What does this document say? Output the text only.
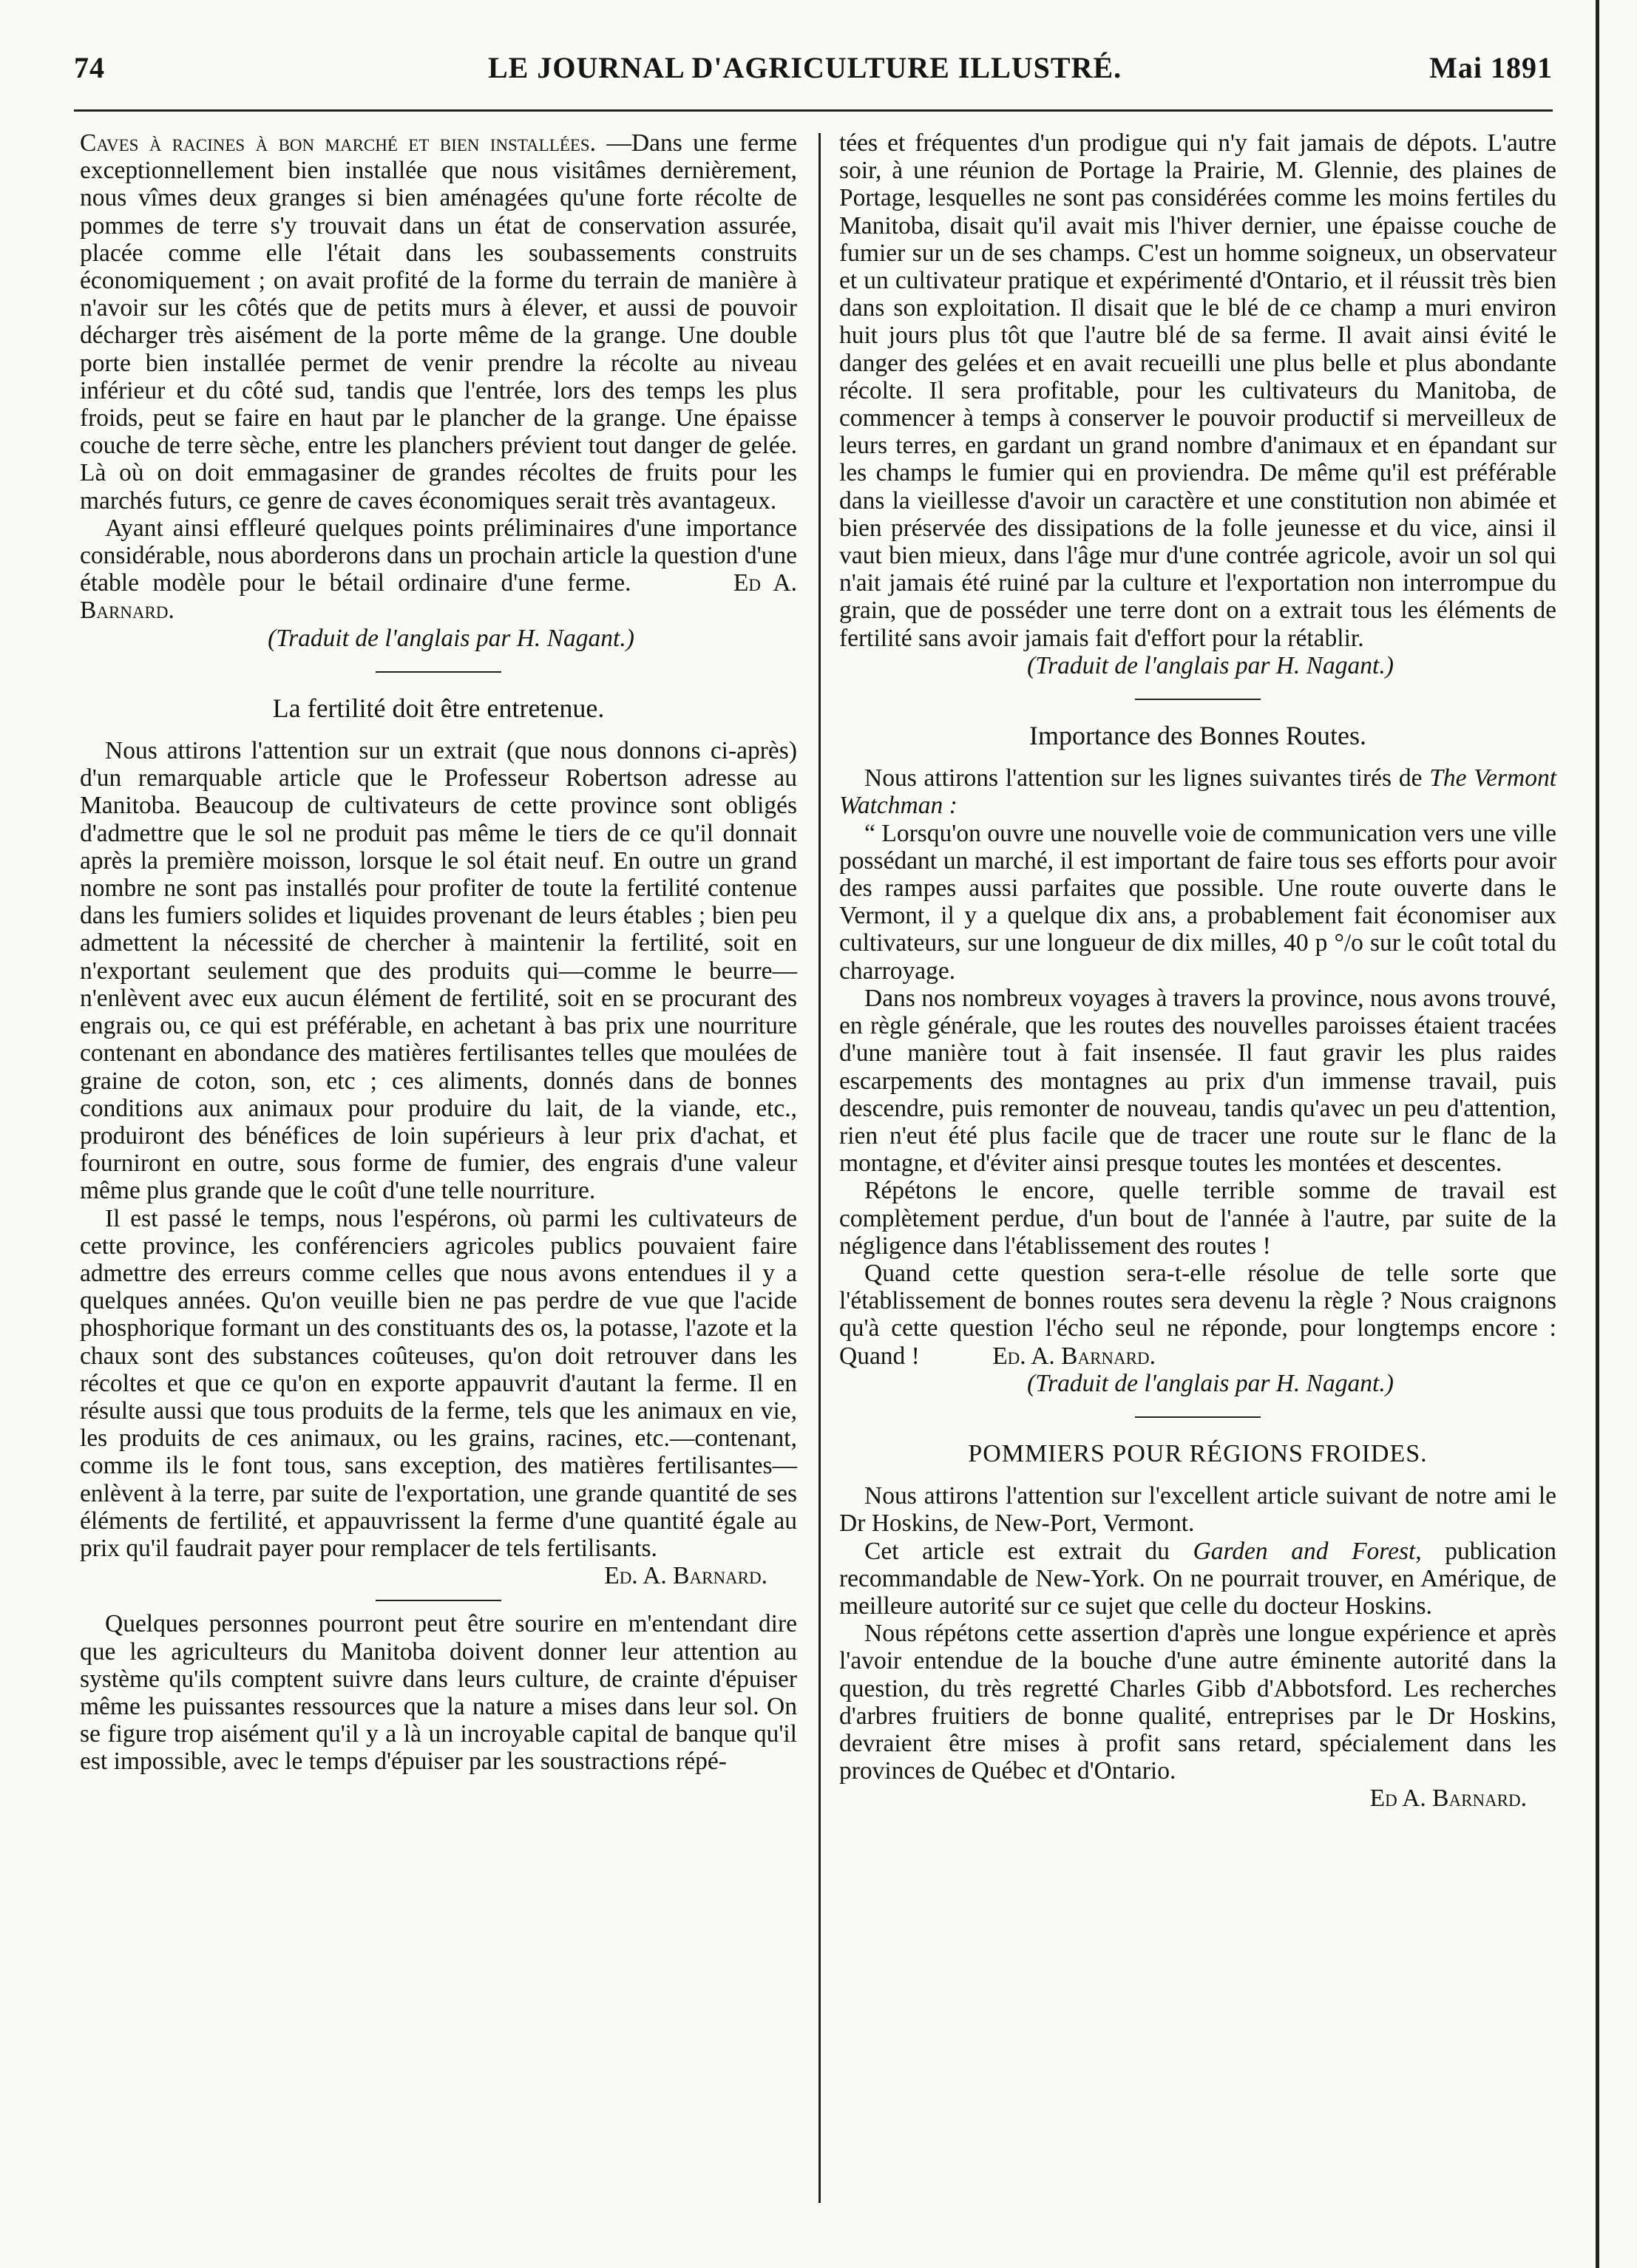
74	LE JOURNAL D'AGRICULTURE ILLUSTRÉ.	Mai 1891

Caves à racines à bon marché et bien installées. —Dans une ferme exceptionnellement bien installée que nous visitâmes dernièrement, nous vîmes deux granges si bien aménagées qu'une forte récolte de pommes de terre s'y trouvait dans un état de conservation assurée, placée comme elle l'était dans les soubassements construits économiquement ; on avait profité de la forme du terrain de manière à n'avoir sur les côtés que de petits murs à élever, et aussi de pouvoir décharger très aisément de la porte même de la grange. Une double porte bien installée permet de venir prendre la récolte au niveau inférieur et du côté sud, tandis que l'entrée, lors des temps les plus froids, peut se faire en haut par le plancher de la grange. Une épaisse couche de terre sèche, entre les planchers prévient tout danger de gelée. Là où on doit emmagasiner de grandes récoltes de fruits pour les marchés futurs, ce genre de caves économiques serait très avantageux.

Ayant ainsi effleuré quelques points préliminaires d'une importance considérable, nous aborderons dans un prochain article la question d'une étable modèle pour le bétail ordinaire d'une ferme.	Ed A. Barnard.

(Traduit de l'anglais par H. Nagant.)

La fertilité doit être entretenue.

Nous attirons l'attention sur un extrait (que nous donnons ci-après) d'un remarquable article que le Professeur Robertson adresse au Manitoba. Beaucoup de cultivateurs de cette province sont obligés d'admettre que le sol ne produit pas même le tiers de ce qu'il donnait après la première moisson, lorsque le sol était neuf. En outre un grand nombre ne sont pas installés pour profiter de toute la fertilité contenue dans les fumiers solides et liquides provenant de leurs étables ; bien peu admettent la nécessité de chercher à maintenir la fertilité, soit en n'exportant seulement que des produits qui—comme le beurre—n'enlèvent avec eux aucun élément de fertilité, soit en se procurant des engrais ou, ce qui est préférable, en achetant à bas prix une nourriture contenant en abondance des matières fertilisantes telles que moulées de graine de coton, son, etc ; ces aliments, donnés dans de bonnes conditions aux animaux pour produire du lait, de la viande, etc., produiront des bénéfices de loin supérieurs à leur prix d'achat, et fourniront en outre, sous forme de fumier, des engrais d'une valeur même plus grande que le coût d'une telle nourriture.

Il est passé le temps, nous l'espérons, où parmi les cultivateurs de cette province, les conférenciers agricoles publics pouvaient faire admettre des erreurs comme celles que nous avons entendues il y a quelques années. Qu'on veuille bien ne pas perdre de vue que l'acide phosphorique formant un des constituants des os, la potasse, l'azote et la chaux sont des substances coûteuses, qu'on doit retrouver dans les récoltes et que ce qu'on en exporte appauvrit d'autant la ferme. Il en résulte aussi que tous produits de la ferme, tels que les animaux en vie, les produits de ces animaux, ou les grains, racines, etc.—contenant, comme ils le font tous, sans exception, des matières fertilisantes—enlèvent à la terre, par suite de l'exportation, une grande quantité de ses éléments de fertilité, et appauvrissent la ferme d'une quantité égale au prix qu'il faudrait payer pour remplacer de tels fertilisants.

Ed. A. Barnard.

Quelques personnes pourront peut être sourire en m'entendant dire que les agriculteurs du Manitoba doivent donner leur attention au système qu'ils comptent suivre dans leurs culture, de crainte d'épuiser même les puissantes ressources que la nature a mises dans leur sol. On se figure trop aisément qu'il y a là un incroyable capital de banque qu'il est impossible, avec le temps d'épuiser par les soustractions répé-

tées et fréquentes d'un prodigue qui n'y fait jamais de dépots. L'autre soir, à une réunion de Portage la Prairie, M. Glennie, des plaines de Portage, lesquelles ne sont pas considérées comme les moins fertiles du Manitoba, disait qu'il avait mis l'hiver dernier, une épaisse couche de fumier sur un de ses champs. C'est un homme soigneux, un observateur et un cultivateur pratique et expérimenté d'Ontario, et il réussit très bien dans son exploitation. Il disait que le blé de ce champ a muri environ huit jours plus tôt que l'autre blé de sa ferme. Il avait ainsi évité le danger des gelées et en avait recueilli une plus belle et plus abondante récolte. Il sera profitable, pour les cultivateurs du Manitoba, de commencer à temps à conserver le pouvoir productif si merveilleux de leurs terres, en gardant un grand nombre d'animaux et en épandant sur les champs le fumier qui en proviendra. De même qu'il est préférable dans la vieillesse d'avoir un caractère et une constitution non abimée et bien préservée des dissipations de la folle jeunesse et du vice, ainsi il vaut bien mieux, dans l'âge mur d'une contrée agricole, avoir un sol qui n'ait jamais été ruiné par la culture et l'exportation non interrompue du grain, que de posséder une terre dont on a extrait tous les éléments de fertilité sans avoir jamais fait d'effort pour la rétablir.

(Traduit de l'anglais par H. Nagant.)

Importance des Bonnes Routes.

Nous attirons l'attention sur les lignes suivantes tirés de The Vermont Watchman :

“ Lorsqu'on ouvre une nouvelle voie de communication vers une ville possédant un marché, il est important de faire tous ses efforts pour avoir des rampes aussi parfaites que possible. Une route ouverte dans le Vermont, il y a quelque dix ans, a probablement fait économiser aux cultivateurs, sur une longueur de dix milles, 40 p °/o sur le coût total du charroyage.

Dans nos nombreux voyages à travers la province, nous avons trouvé, en règle générale, que les routes des nouvelles paroisses étaient tracées d'une manière tout à fait insensée. Il faut gravir les plus raides escarpements des montagnes au prix d'un immense travail, puis descendre, puis remonter de nouveau, tandis qu'avec un peu d'attention, rien n'eut été plus facile que de tracer une route sur le flanc de la montagne, et d'éviter ainsi presque toutes les montées et descentes.

Répétons le encore, quelle terrible somme de travail est complètement perdue, d'un bout de l'année à l'autre, par suite de la négligence dans l'établissement des routes !

Quand cette question sera-t-elle résolue de telle sorte que l'établissement de bonnes routes sera devenu la règle ? Nous craignons qu'à cette question l'écho seul ne réponde, pour longtemps encore : Quand !	Ed. A. Barnard.

(Traduit de l'anglais par H. Nagant.)

POMMIERS POUR RÉGIONS FROIDES.

Nous attirons l'attention sur l'excellent article suivant de notre ami le Dr Hoskins, de New-Port, Vermont.

Cet article est extrait du Garden and Forest, publication recommandable de New-York. On ne pourrait trouver, en Amérique, de meilleure autorité sur ce sujet que celle du docteur Hoskins.

Nous répétons cette assertion d'après une longue expérience et après l'avoir entendue de la bouche d'une autre éminente autorité dans la question, du très regretté Charles Gibb d'Abbotsford. Les recherches d'arbres fruitiers de bonne qualité, entreprises par le Dr Hoskins, devraient être mises à profit sans retard, spécialement dans les provinces de Québec et d'Ontario.

Ed A. Barnard.
